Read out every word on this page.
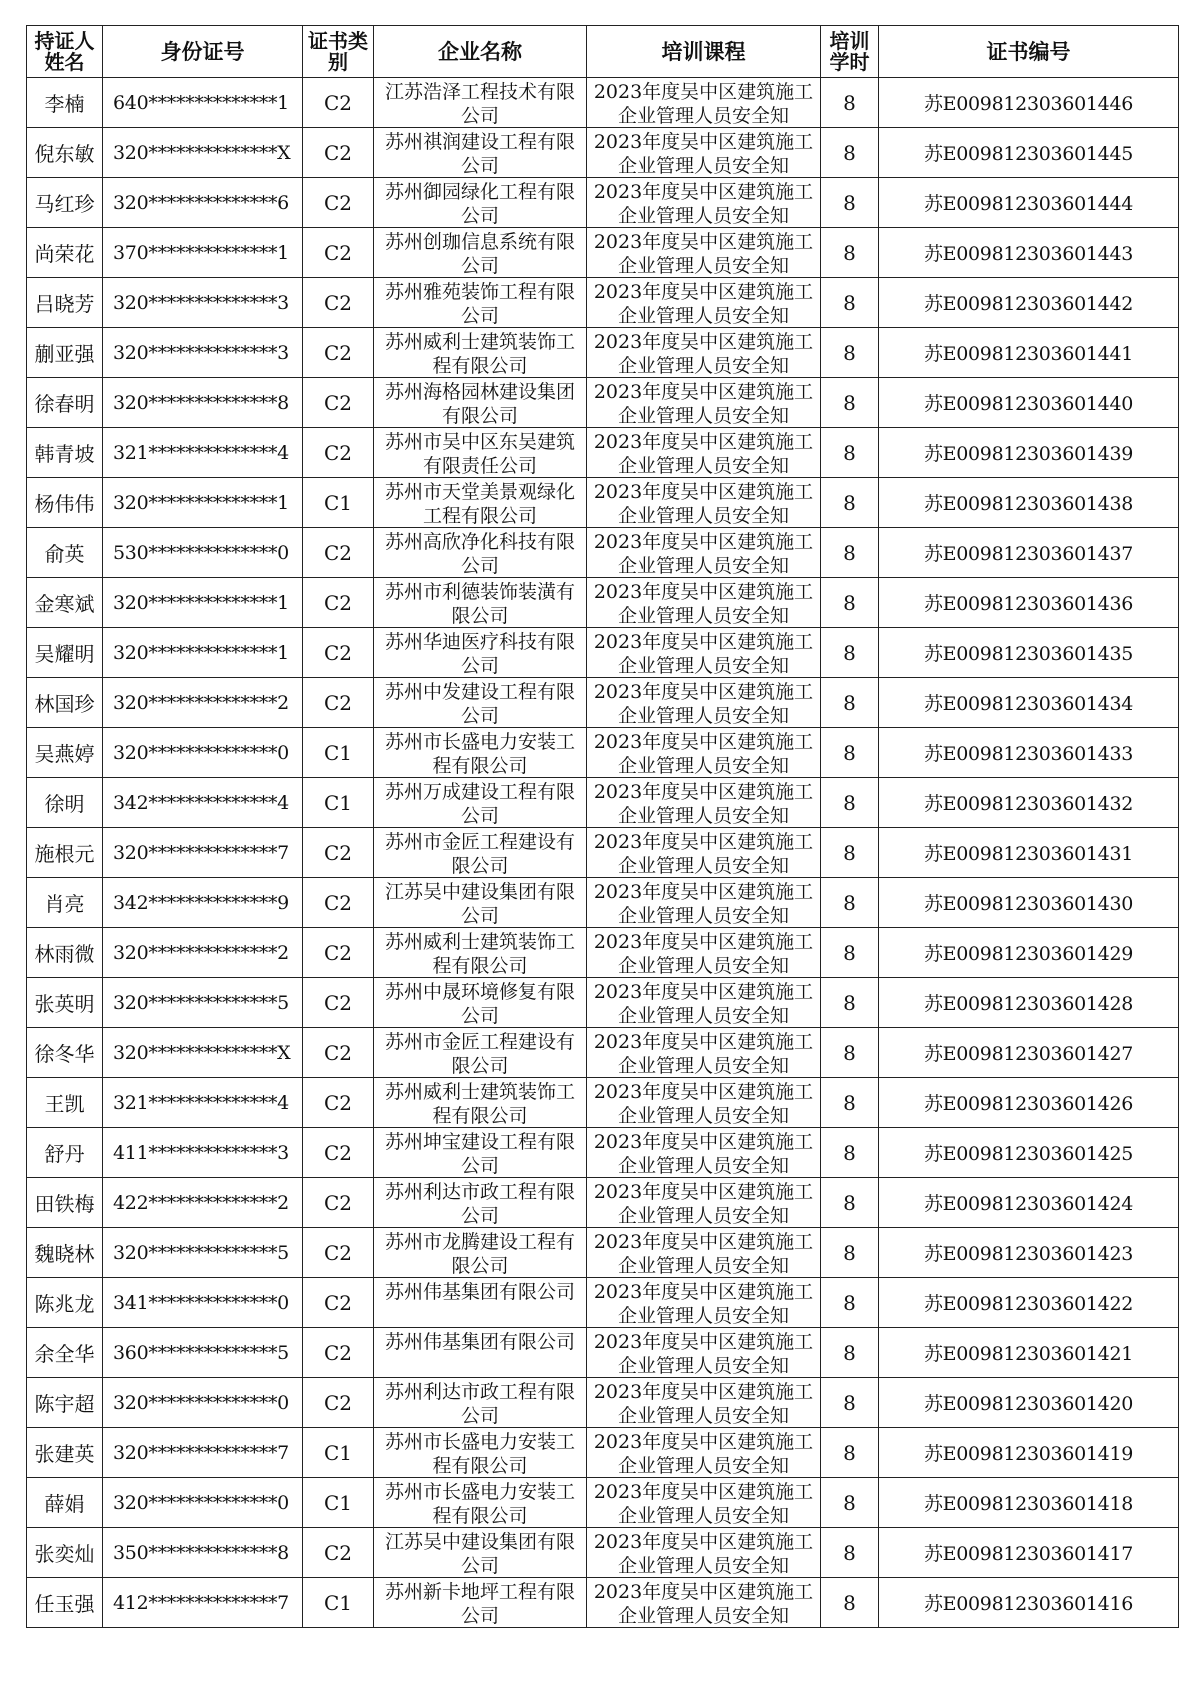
持证人姓名	身份证号	证书类别	企业名称	培训课程	培训学时	证书编号
李楠	640**************1	C2	江苏浩泽工程技术有限公司	2023年度吴中区建筑施工企业管理人员安全知	8	苏E009812303601446
倪东敏	320**************X	C2	苏州祺润建设工程有限公司	2023年度吴中区建筑施工企业管理人员安全知	8	苏E009812303601445
马红珍	320**************6	C2	苏州御园绿化工程有限公司	2023年度吴中区建筑施工企业管理人员安全知	8	苏E009812303601444
尚荣花	370**************1	C2	苏州创珈信息系统有限公司	2023年度吴中区建筑施工企业管理人员安全知	8	苏E009812303601443
吕晓芳	320**************3	C2	苏州雅苑装饰工程有限公司	2023年度吴中区建筑施工企业管理人员安全知	8	苏E009812303601442
蒯亚强	320**************3	C2	苏州威利士建筑装饰工程有限公司	2023年度吴中区建筑施工企业管理人员安全知	8	苏E009812303601441
徐春明	320**************8	C2	苏州海格园林建设集团有限公司	2023年度吴中区建筑施工企业管理人员安全知	8	苏E009812303601440
韩青坡	321**************4	C2	苏州市吴中区东吴建筑有限责任公司	2023年度吴中区建筑施工企业管理人员安全知	8	苏E009812303601439
杨伟伟	320**************1	C1	苏州市天堂美景观绿化工程有限公司	2023年度吴中区建筑施工企业管理人员安全知	8	苏E009812303601438
俞英	530**************0	C2	苏州高欣净化科技有限公司	2023年度吴中区建筑施工企业管理人员安全知	8	苏E009812303601437
金寒斌	320**************1	C2	苏州市利德装饰装潢有限公司	2023年度吴中区建筑施工企业管理人员安全知	8	苏E009812303601436
吴耀明	320**************1	C2	苏州华迪医疗科技有限公司	2023年度吴中区建筑施工企业管理人员安全知	8	苏E009812303601435
林国珍	320**************2	C2	苏州中发建设工程有限公司	2023年度吴中区建筑施工企业管理人员安全知	8	苏E009812303601434
吴燕婷	320**************0	C1	苏州市长盛电力安装工程有限公司	2023年度吴中区建筑施工企业管理人员安全知	8	苏E009812303601433
徐明	342**************4	C1	苏州万成建设工程有限公司	2023年度吴中区建筑施工企业管理人员安全知	8	苏E009812303601432
施根元	320**************7	C2	苏州市金匠工程建设有限公司	2023年度吴中区建筑施工企业管理人员安全知	8	苏E009812303601431
肖亮	342**************9	C2	江苏吴中建设集团有限公司	2023年度吴中区建筑施工企业管理人员安全知	8	苏E009812303601430
林雨微	320**************2	C2	苏州威利士建筑装饰工程有限公司	2023年度吴中区建筑施工企业管理人员安全知	8	苏E009812303601429
张英明	320**************5	C2	苏州中晟环境修复有限公司	2023年度吴中区建筑施工企业管理人员安全知	8	苏E009812303601428
徐冬华	320**************X	C2	苏州市金匠工程建设有限公司	2023年度吴中区建筑施工企业管理人员安全知	8	苏E009812303601427
王凯	321**************4	C2	苏州威利士建筑装饰工程有限公司	2023年度吴中区建筑施工企业管理人员安全知	8	苏E009812303601426
舒丹	411**************3	C2	苏州坤宝建设工程有限公司	2023年度吴中区建筑施工企业管理人员安全知	8	苏E009812303601425
田铁梅	422**************2	C2	苏州利达市政工程有限公司	2023年度吴中区建筑施工企业管理人员安全知	8	苏E009812303601424
魏晓林	320**************5	C2	苏州市龙腾建设工程有限公司	2023年度吴中区建筑施工企业管理人员安全知	8	苏E009812303601423
陈兆龙	341**************0	C2	苏州伟基集团有限公司	2023年度吴中区建筑施工企业管理人员安全知	8	苏E009812303601422
余全华	360**************5	C2	苏州伟基集团有限公司	2023年度吴中区建筑施工企业管理人员安全知	8	苏E009812303601421
陈宇超	320**************0	C2	苏州利达市政工程有限公司	2023年度吴中区建筑施工企业管理人员安全知	8	苏E009812303601420
张建英	320**************7	C1	苏州市长盛电力安装工程有限公司	2023年度吴中区建筑施工企业管理人员安全知	8	苏E009812303601419
薛娟	320**************0	C1	苏州市长盛电力安装工程有限公司	2023年度吴中区建筑施工企业管理人员安全知	8	苏E009812303601418
张奕灿	350**************8	C2	江苏吴中建设集团有限公司	2023年度吴中区建筑施工企业管理人员安全知	8	苏E009812303601417
任玉强	412**************7	C1	苏州新卡地坪工程有限公司	2023年度吴中区建筑施工企业管理人员安全知	8	苏E009812303601416
